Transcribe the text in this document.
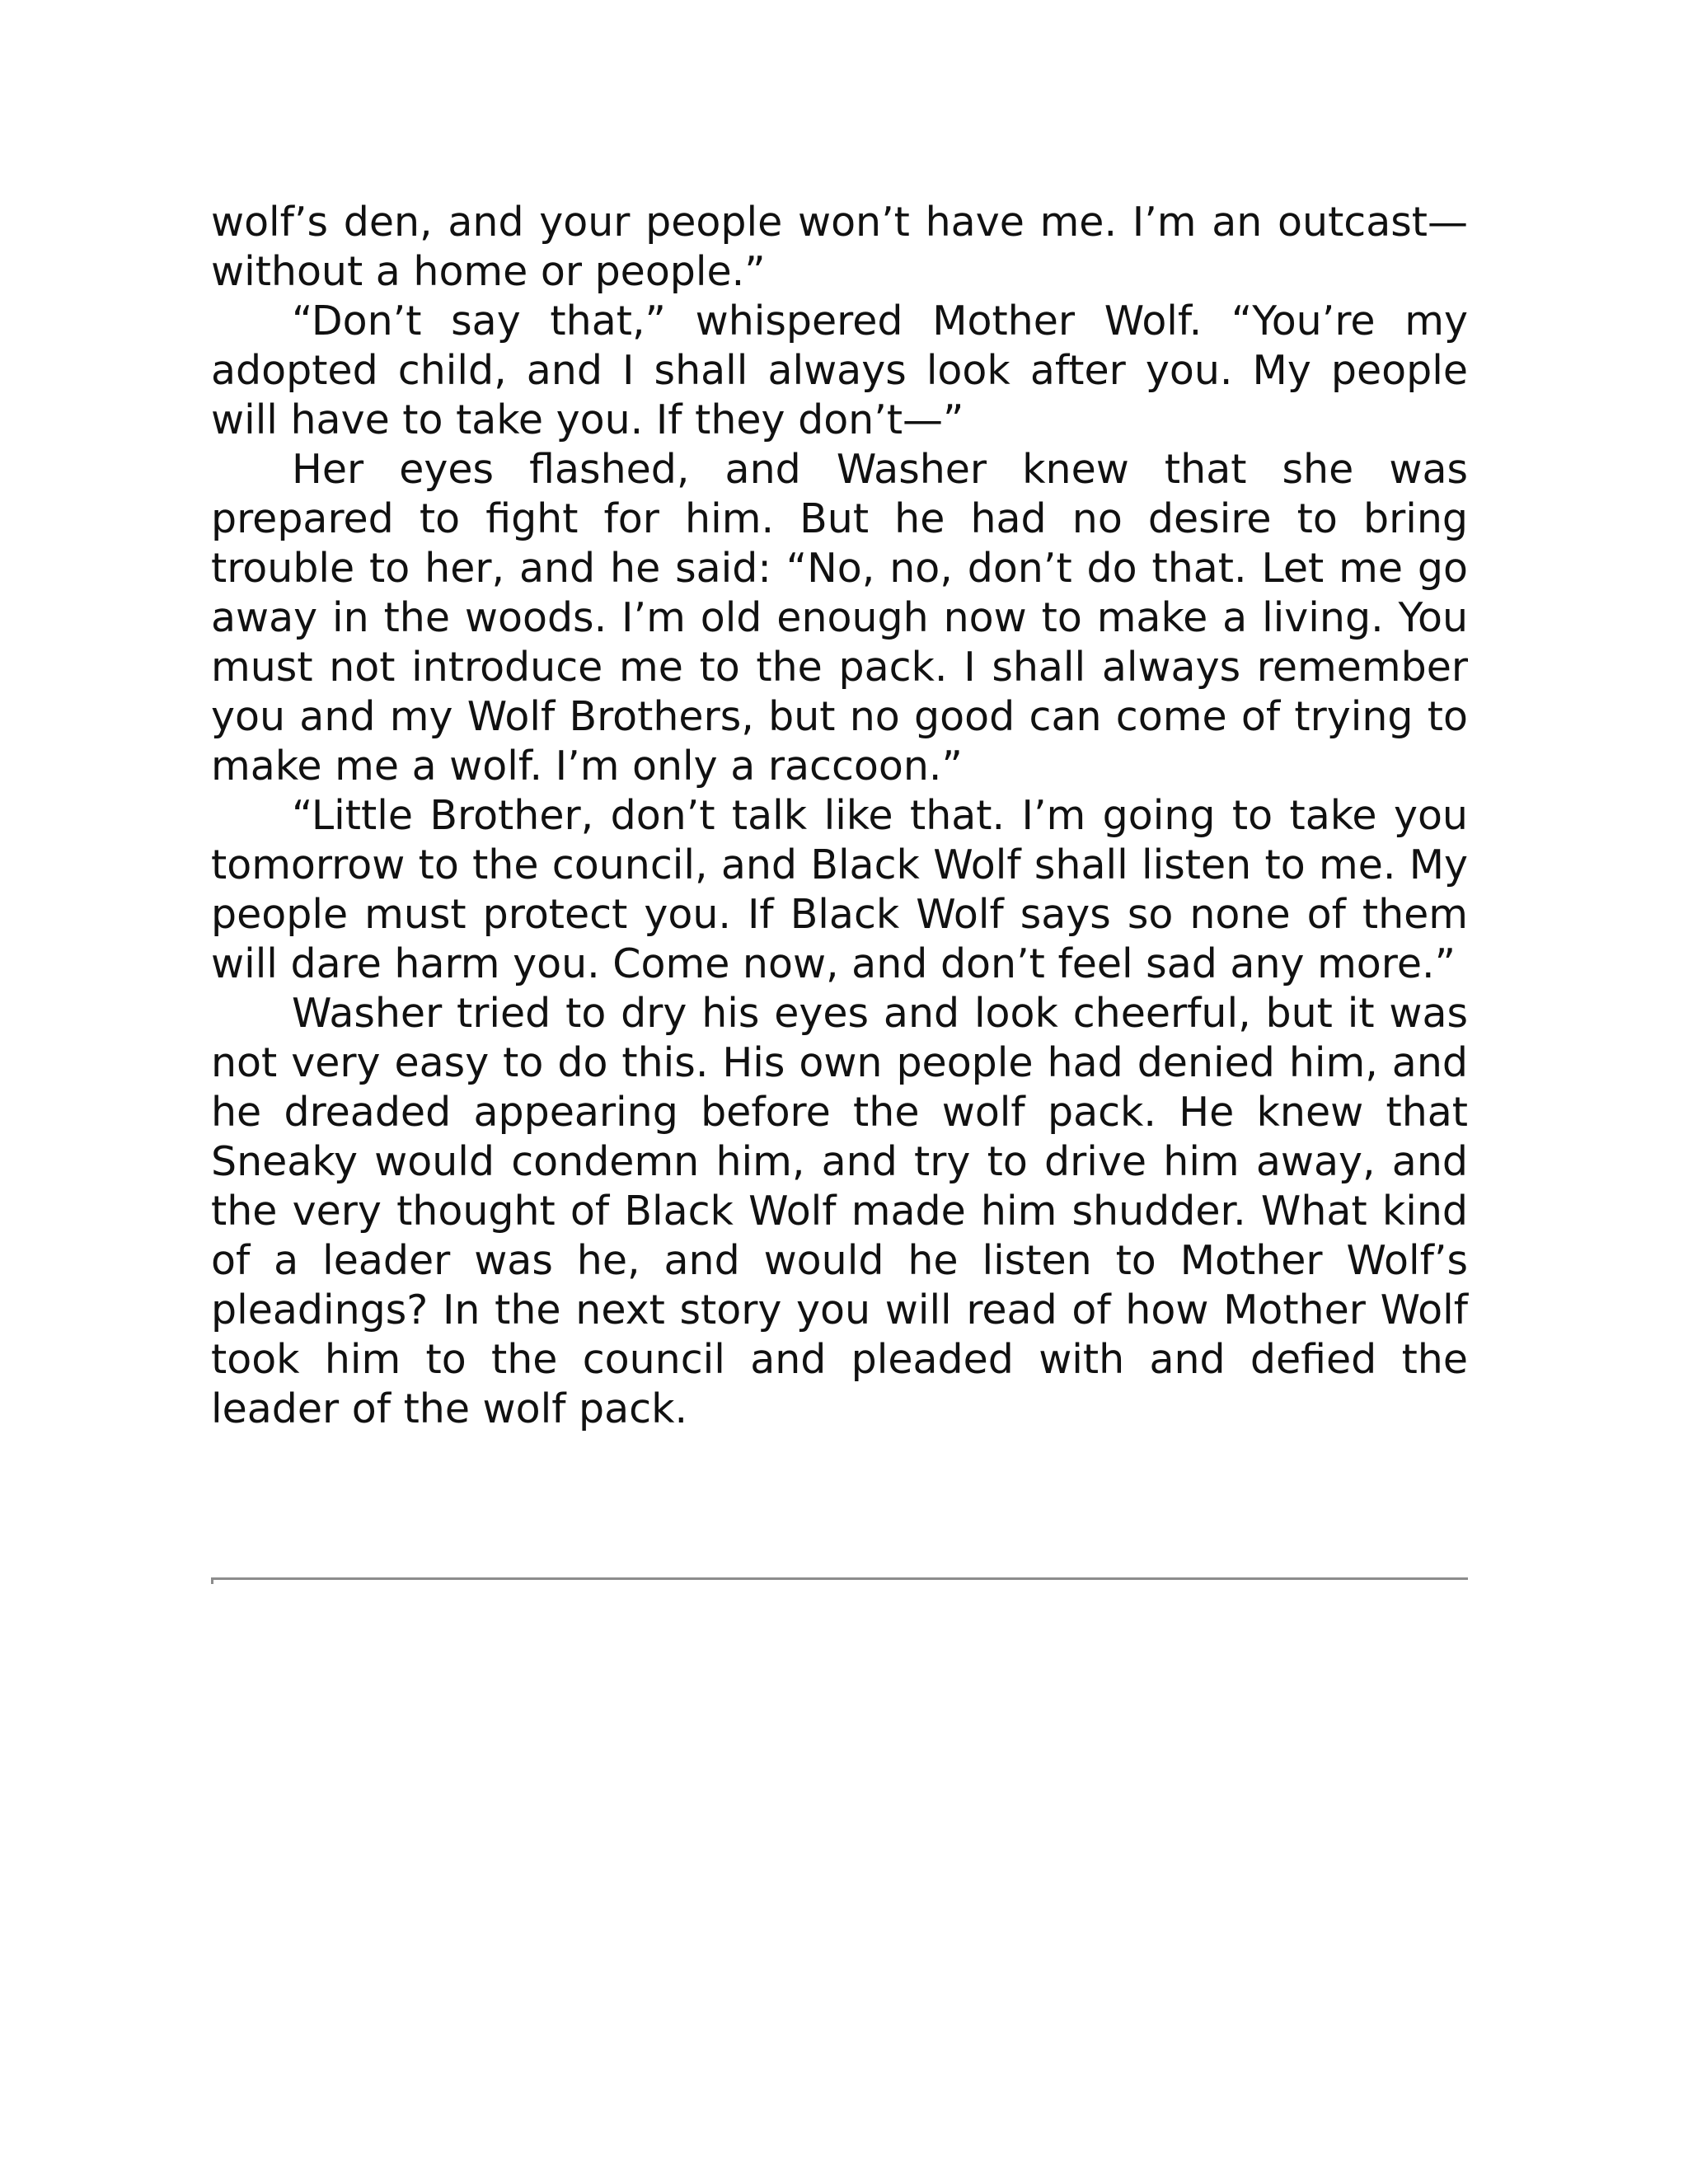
wolf’s den, and your people won’t have me. I’m an outcast—without a home or people.”

“Don’t say that,” whispered Mother Wolf. “You’re my adopted child, and I shall always look after you. My people will have to take you. If they don’t—”

Her eyes flashed, and Washer knew that she was prepared to fight for him. But he had no desire to bring trouble to her, and he said: “No, no, don’t do that. Let me go away in the woods. I’m old enough now to make a living. You must not introduce me to the pack. I shall always remember you and my Wolf Brothers, but no good can come of trying to make me a wolf. I’m only a raccoon.”

“Little Brother, don’t talk like that. I’m going to take you tomorrow to the council, and Black Wolf shall listen to me. My people must protect you. If Black Wolf says so none of them will dare harm you. Come now, and don’t feel sad any more.”

Washer tried to dry his eyes and look cheerful, but it was not very easy to do this. His own people had denied him, and he dreaded appearing before the wolf pack. He knew that Sneaky would condemn him, and try to drive him away, and the very thought of Black Wolf made him shudder. What kind of a leader was he, and would he listen to Mother Wolf’s pleadings? In the next story you will read of how Mother Wolf took him to the council and pleaded with and defied the leader of the wolf pack.
